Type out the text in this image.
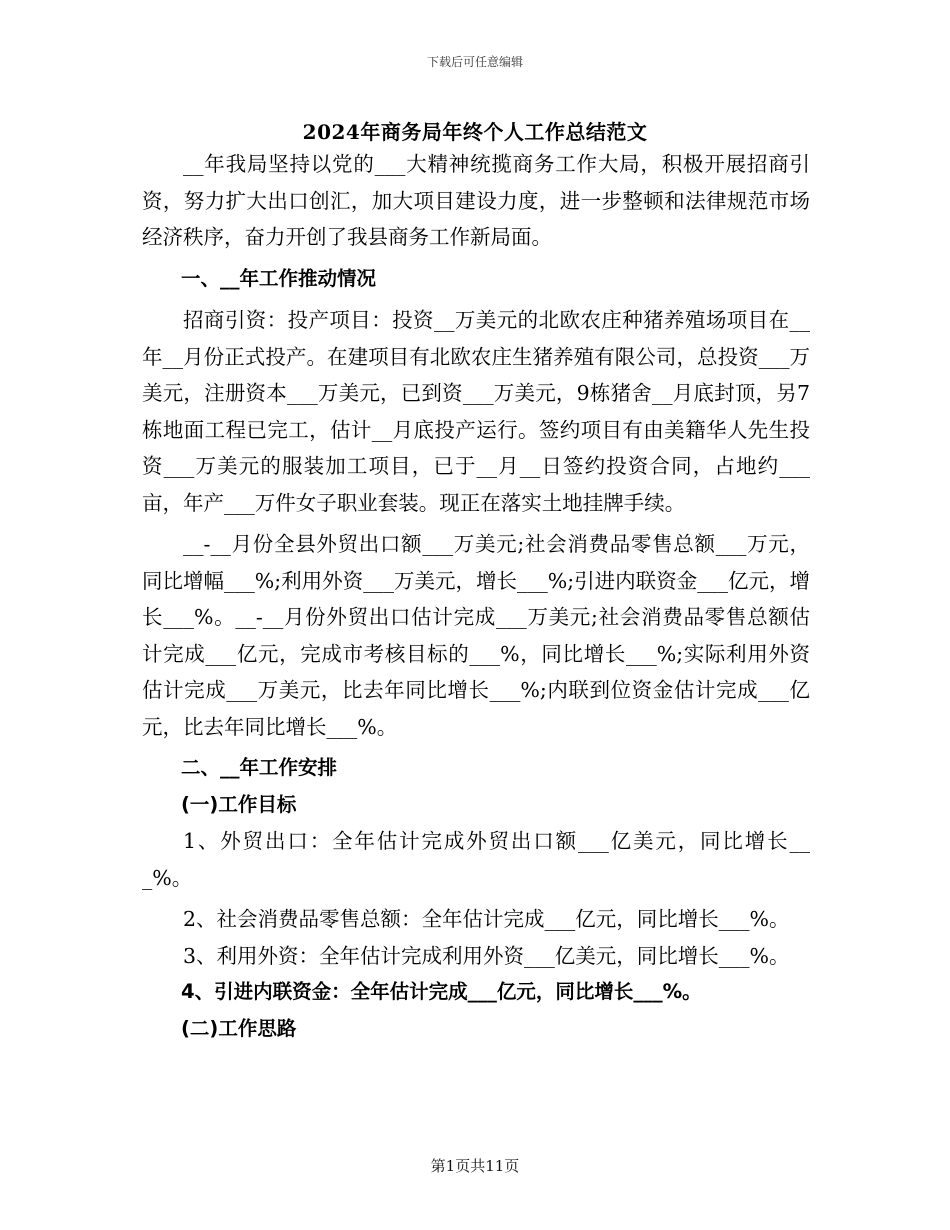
下载后可任意编辑
2024年商务局年终个人工作总结范文

__年我局坚持以党的___大精神统揽商务工作大局，积极开展招商引资，努力扩大出口创汇，加大项目建设力度，进一步整顿和法律规范市场经济秩序，奋力开创了我县商务工作新局面。

一、__年工作推动情况

招商引资：投产项目：投资__万美元的北欧农庄种猪养殖场项目在__年__月份正式投产。在建项目有北欧农庄生猪养殖有限公司，总投资___万美元，注册资本___万美元，已到资___万美元，9栋猪舍__月底封顶，另7栋地面工程已完工，估计__月底投产运行。签约项目有由美籍华人先生投资___万美元的服装加工项目，已于__月__日签约投资合同，占地约___亩，年产___万件女子职业套装。现正在落实土地挂牌手续。

__-__月份全县外贸出口额___万美元;社会消费品零售总额___万元，同比增幅___%;利用外资___万美元，增长___%;引进内联资金___亿元，增长___%。__-__月份外贸出口估计完成___万美元;社会消费品零售总额估计完成___亿元，完成市考核目标的___%，同比增长___%;实际利用外资估计完成___万美元，比去年同比增长___%;内联到位资金估计完成___亿元，比去年同比增长___%。

二、__年工作安排

(一)工作目标

1、外贸出口：全年估计完成外贸出口额___亿美元，同比增长___%。

2、社会消费品零售总额：全年估计完成___亿元，同比增长___%。

3、利用外资：全年估计完成利用外资___亿美元，同比增长___%。

4、引进内联资金：全年估计完成___亿元，同比增长___%。

(二)工作思路

第1页共11页
